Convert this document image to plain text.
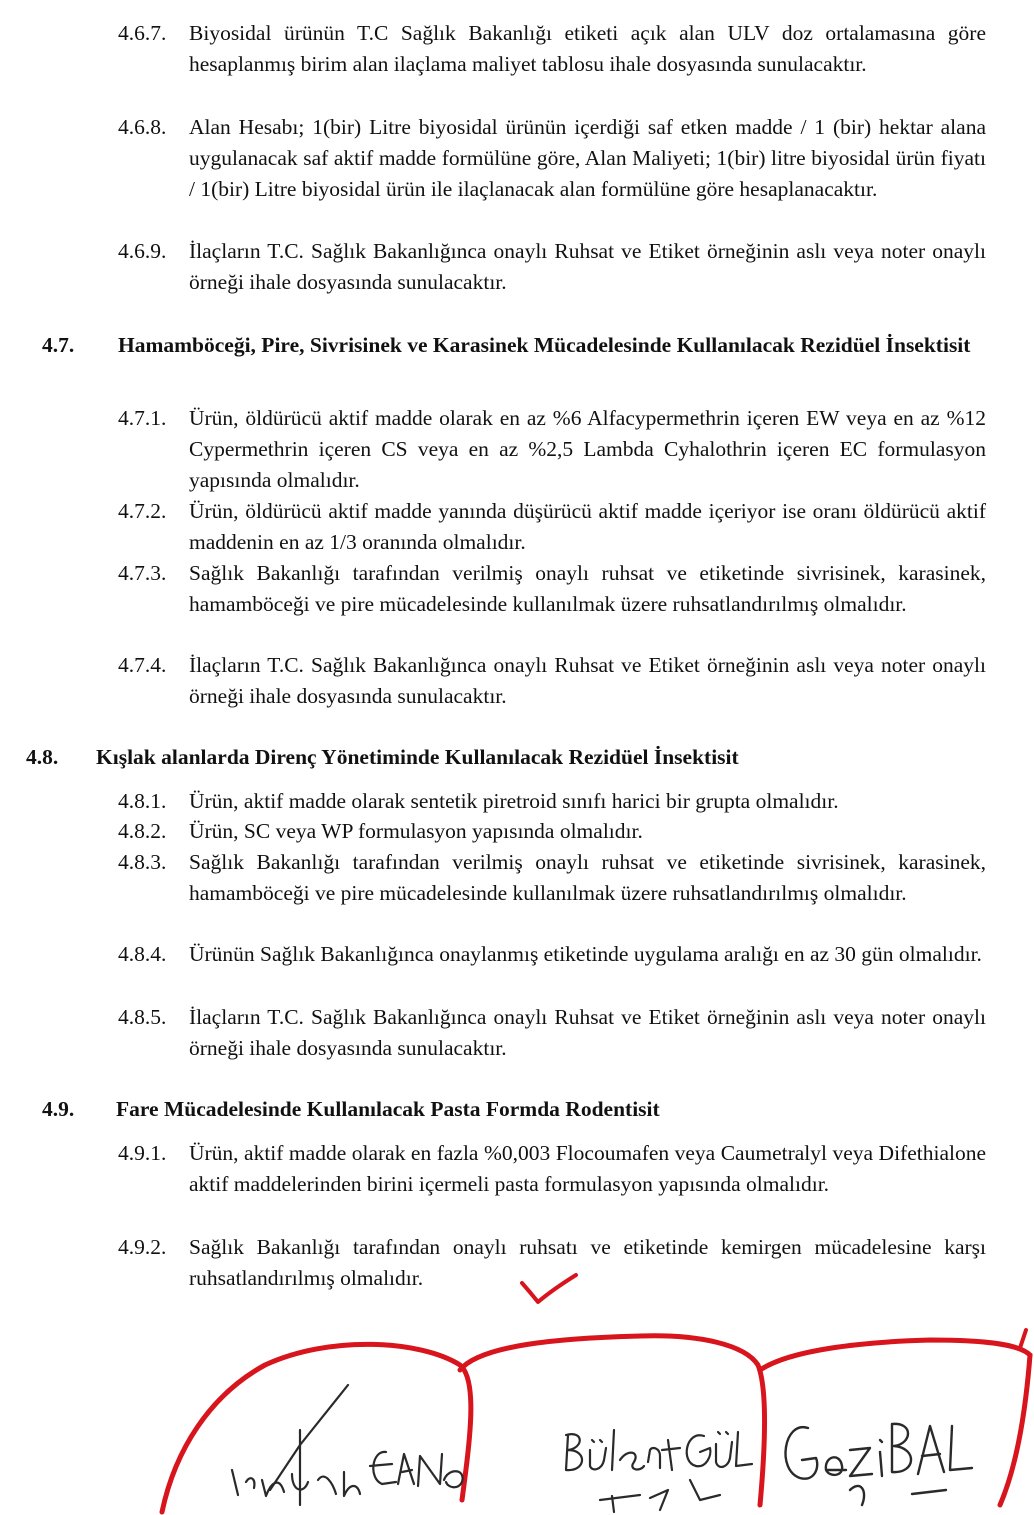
4.6.7. Biyosidal ürünün T.C Sağlık Bakanlığı etiketi açık alan ULV doz ortalamasına göre hesaplanmış birim alan ilaçlama maliyet tablosu ihale dosyasında sunulacaktır.
4.6.8. Alan Hesabı; 1(bir) Litre biyosidal ürünün içerdiği saf etken madde / 1 (bir) hektar alana uygulanacak saf aktif madde formülüne göre, Alan Maliyeti; 1(bir) litre biyosidal ürün fiyatı / 1(bir) Litre biyosidal ürün ile ilaçlanacak alan formülüne göre hesaplanacaktır.
4.6.9. İlaçların T.C. Sağlık Bakanlığınca onaylı Ruhsat ve Etiket örneğinin aslı veya noter onaylı örneği ihale dosyasında sunulacaktır.
4.7. Hamamböceği, Pire, Sivrisinek ve Karasinek Mücadelesinde Kullanılacak Rezidüel İnsektisit
4.7.1. Ürün, öldürücü aktif madde olarak en az %6 Alfacypermethrin içeren EW veya en az %12 Cypermethrin içeren CS veya en az %2,5 Lambda Cyhalothrin içeren EC formulasyon yapısında olmalıdır.
4.7.2. Ürün, öldürücü aktif madde yanında düşürücü aktif madde içeriyor ise oranı öldürücü aktif maddenin en az 1/3 oranında olmalıdır.
4.7.3. Sağlık Bakanlığı tarafından verilmiş onaylı ruhsat ve etiketinde sivrisinek, karasinek, hamamböceği ve pire mücadelesinde kullanılmak üzere ruhsatlandırılmış olmalıdır.
4.7.4. İlaçların T.C. Sağlık Bakanlığınca onaylı Ruhsat ve Etiket örneğinin aslı veya noter onaylı örneği ihale dosyasında sunulacaktır.
4.8. Kışlak alanlarda Direnç Yönetiminde Kullanılacak Rezidüel İnsektisit
4.8.1. Ürün, aktif madde olarak sentetik piretroid sınıfı harici bir grupta olmalıdır.
4.8.2. Ürün, SC veya WP formulasyon yapısında olmalıdır.
4.8.3. Sağlık Bakanlığı tarafından verilmiş onaylı ruhsat ve etiketinde sivrisinek, karasinek, hamamböceği ve pire mücadelesinde kullanılmak üzere ruhsatlandırılmış olmalıdır.
4.8.4. Ürünün Sağlık Bakanlığınca onaylanmış etiketinde uygulama aralığı en az 30 gün olmalıdır.
4.8.5. İlaçların T.C. Sağlık Bakanlığınca onaylı Ruhsat ve Etiket örneğinin aslı veya noter onaylı örneği ihale dosyasında sunulacaktır.
4.9. Fare Mücadelesinde Kullanılacak Pasta Formda Rodentisit
4.9.1. Ürün, aktif madde olarak en fazla %0,003 Flocoumafen veya Caumetralyl veya Difethialone aktif maddelerinden birini içermeli pasta formulasyon yapısında olmalıdır.
4.9.2. Sağlık Bakanlığı tarafından onaylı ruhsatı ve etiketinde kemirgen mücadelesine karşı ruhsatlandırılmış olmalıdır.
